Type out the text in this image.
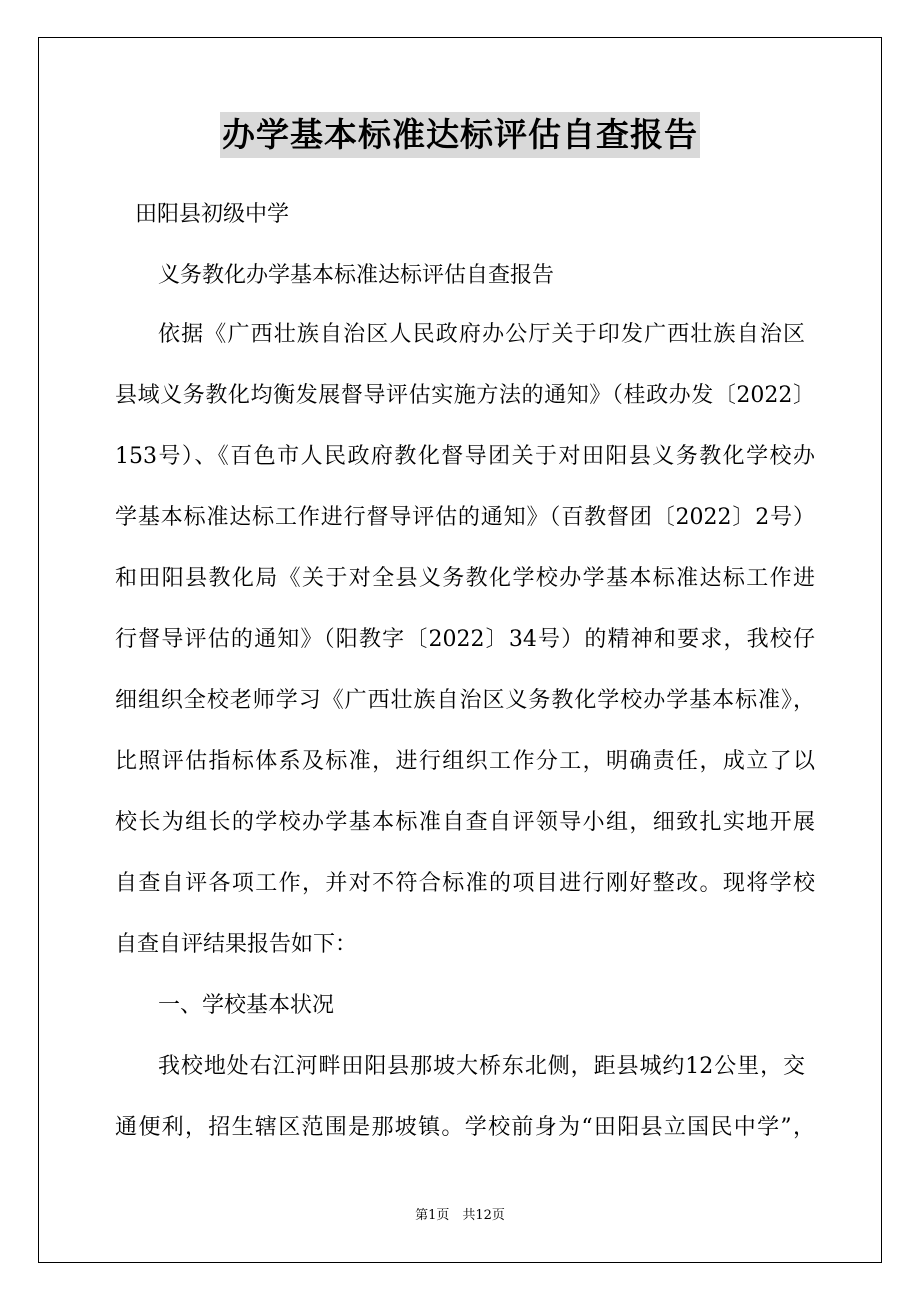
办学基本标准达标评估自查报告
田阳县初级中学
义务教化办学基本标准达标评估自查报告
依据《广西壮族自治区人民政府办公厅关于印发广西壮族自治区
县域义务教化均衡发展督导评估实施方法的通知》（桂政办发〔2022〕
153号）、《百色市人民政府教化督导团关于对田阳县义务教化学校办
学基本标准达标工作进行督导评估的通知》（百教督团〔2022〕2号）
和田阳县教化局《关于对全县义务教化学校办学基本标准达标工作进
行督导评估的通知》（阳教字〔2022〕34号）的精神和要求，我校仔
细组织全校老师学习《广西壮族自治区义务教化学校办学基本标准》，
比照评估指标体系及标准，进行组织工作分工，明确责任，成立了以
校长为组长的学校办学基本标准自查自评领导小组，细致扎实地开展
自查自评各项工作，并对不符合标准的项目进行刚好整改。现将学校
自查自评结果报告如下：
一、学校基本状况
我校地处右江河畔田阳县那坡大桥东北侧，距县城约12公里，交
通便利，招生辖区范围是那坡镇。学校前身为“田阳县立国民中学”，
第1页　共12页
